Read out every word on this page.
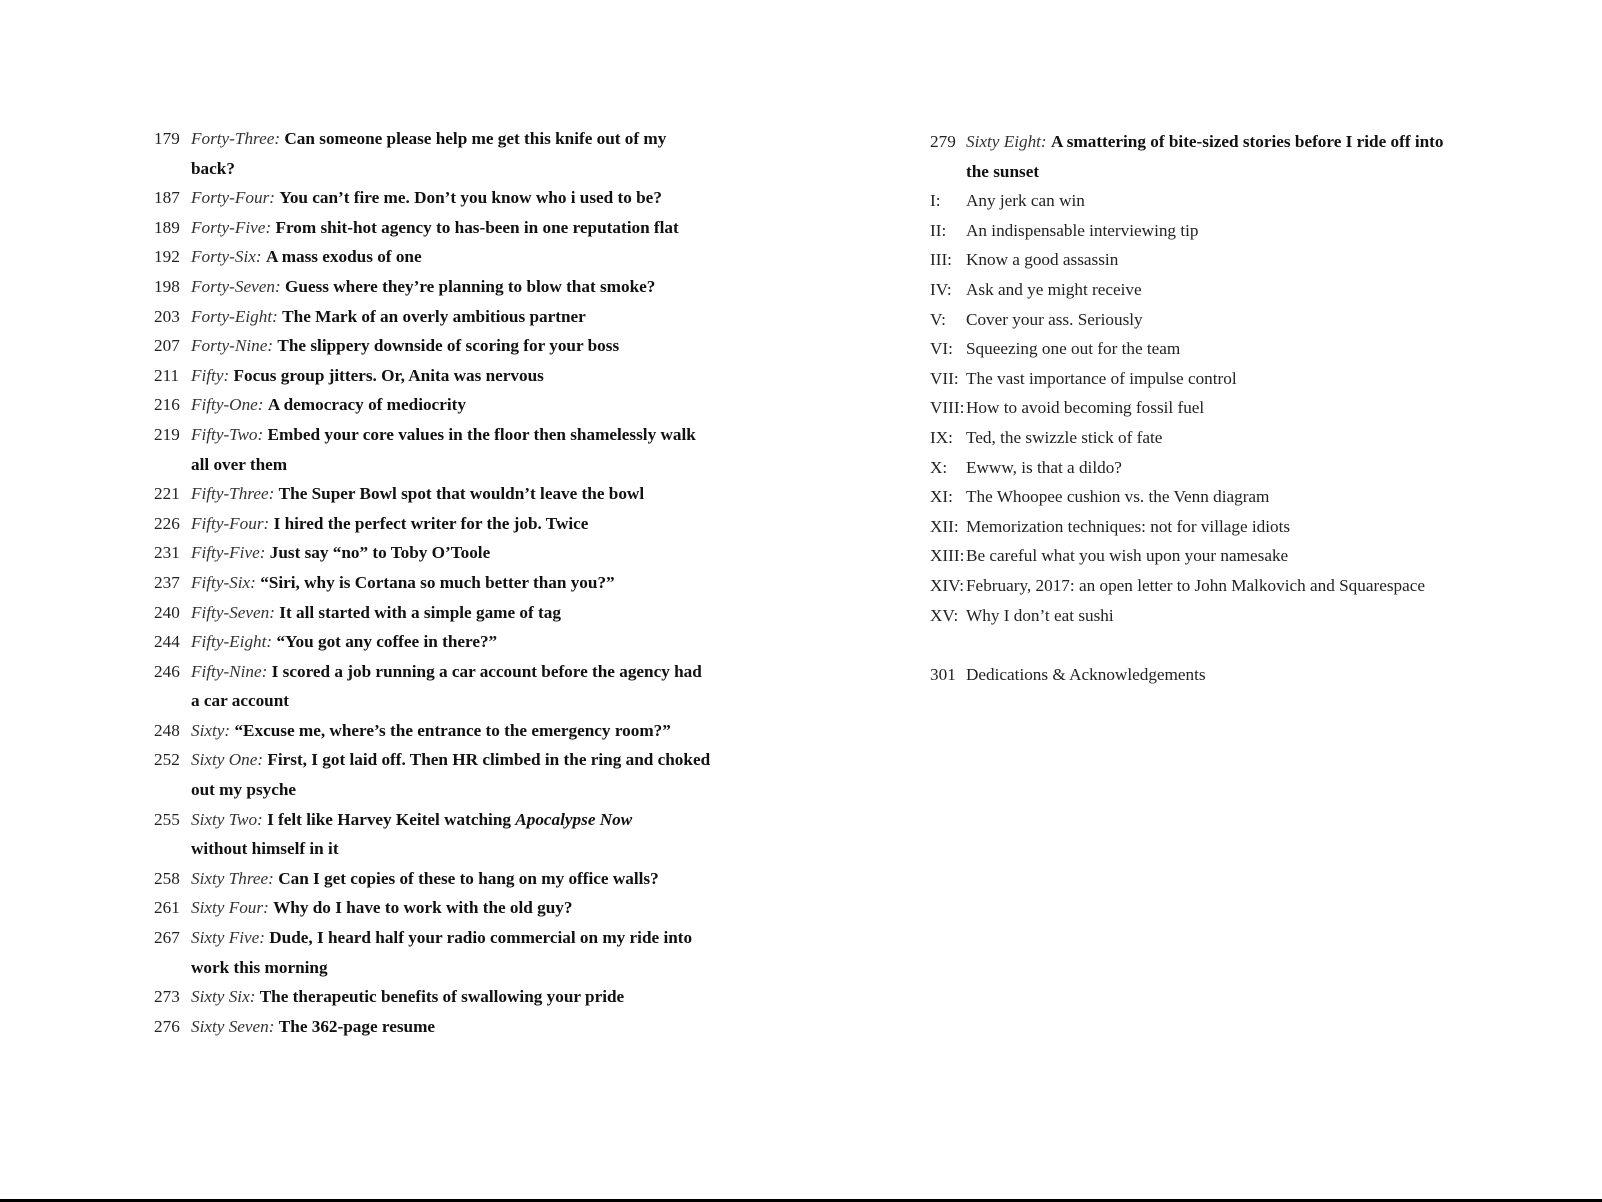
179 Forty-Three: Can someone please help me get this knife out of my back?
187 Forty-Four: You can’t fire me. Don’t you know who i used to be?
189 Forty-Five: From shit-hot agency to has-been in one reputation flat
192 Forty-Six: A mass exodus of one
198 Forty-Seven: Guess where they’re planning to blow that smoke?
203 Forty-Eight: The Mark of an overly ambitious partner
207 Forty-Nine: The slippery downside of scoring for your boss
211 Fifty: Focus group jitters. Or, Anita was nervous
216 Fifty-One: A democracy of mediocrity
219 Fifty-Two: Embed your core values in the floor then shamelessly walk all over them
221 Fifty-Three: The Super Bowl spot that wouldn’t leave the bowl
226 Fifty-Four: I hired the perfect writer for the job. Twice
231 Fifty-Five: Just say “no” to Toby O’Toole
237 Fifty-Six: “Siri, why is Cortana so much better than you?”
240 Fifty-Seven: It all started with a simple game of tag
244 Fifty-Eight: “You got any coffee in there?”
246 Fifty-Nine: I scored a job running a car account before the agency had a car account
248 Sixty: “Excuse me, where’s the entrance to the emergency room?”
252 Sixty One: First, I got laid off. Then HR climbed in the ring and choked out my psyche
255 Sixty Two: I felt like Harvey Keitel watching Apocalypse Now
without himself in it
258 Sixty Three: Can I get copies of these to hang on my office walls?
261 Sixty Four: Why do I have to work with the old guy?
267 Sixty Five: Dude, I heard half your radio commercial on my ride into work this morning
273 Sixty Six: The therapeutic benefits of swallowing your pride
276 Sixty Seven: The 362-page resume
279 Sixty Eight: A smattering of bite-sized stories before I ride off into the sunset
I:	Any jerk can win
II:	An indispensable interviewing tip
III: Know a good assassin
IV: Ask and ye might receive
V:	Cover your ass. Seriously
VI: Squeezing one out for the team
VII: The vast importance of impulse control
VIII: How to avoid becoming fossil fuel
IX: Ted, the swizzle stick of fate
X:	Ewww, is that a dildo?
XI: The Whoopee cushion vs. the Venn diagram
XII: Memorization techniques: not for village idiots
XIII: Be careful what you wish upon your namesake
XIV: February, 2017: an open letter to John Malkovich and Squarespace
XV: Why I don’t eat sushi
301 Dedications & Acknowledgements
